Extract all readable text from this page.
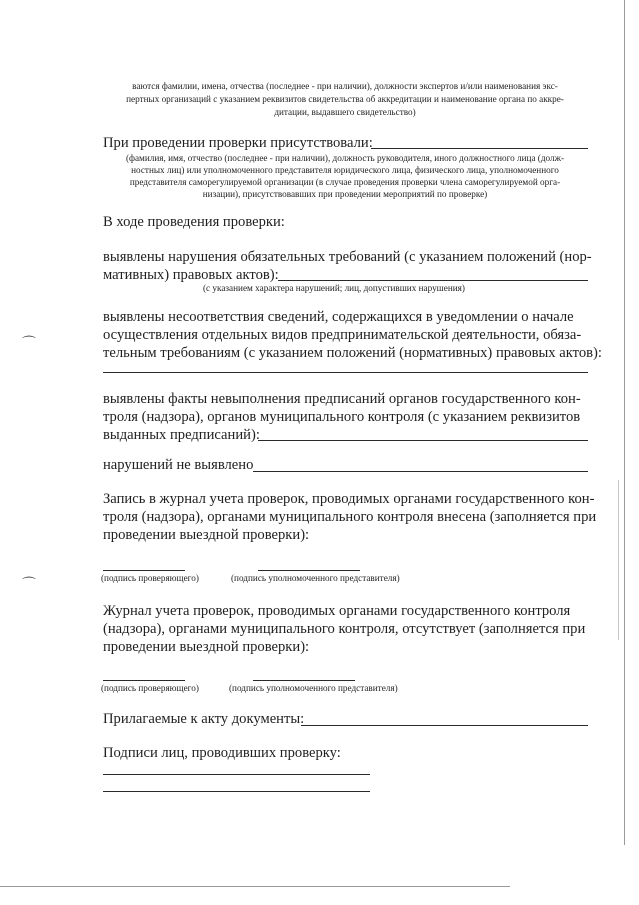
⌒
⌒
ваются фамилии, имена, отчества (последнее - при наличии), должности экспертов и/или наименования экс-
пертных организаций с указанием реквизитов свидетельства об аккредитации и наименование органа по аккре-
дитации, выдавшего свидетельство)
При проведении проверки присутствовали:
(фамилия, имя, отчество (последнее - при наличии), должность руководителя, иного должностного лица (долж-
ностных лиц) или уполномоченного представителя юридического лица, физического лица, уполномоченного
представителя саморегулируемой организации (в случае проведения проверки члена саморегулируемой орга-
низации), присутствовавших при проведении мероприятий по проверке)
В ходе проведения проверки:
выявлены нарушения обязательных требований (с указанием положений (нор-
мативных) правовых актов):
(с указанием характера нарушений; лиц, допустивших нарушения)
выявлены несоответствия сведений, содержащихся в уведомлении о начале
осуществления отдельных видов предпринимательской деятельности, обяза-
тельным требованиям (с указанием положений (нормативных) правовых актов):
выявлены факты невыполнения предписаний органов государственного кон-
троля (надзора), органов муниципального контроля (с указанием реквизитов
выданных предписаний):
нарушений не выявлено
Запись в журнал учета проверок, проводимых органами государственного кон-
троля (надзора), органами муниципального контроля внесена (заполняется при
проведении выездной проверки):
(подпись проверяющего)	(подпись уполномоченного представителя)
Журнал учета проверок, проводимых органами государственного контроля
(надзора), органами муниципального контроля, отсутствует (заполняется при
проведении выездной проверки):
(подпись проверяющего)	(подпись уполномоченного представителя)
Прилагаемые к акту документы:
Подписи лиц, проводивших проверку:
